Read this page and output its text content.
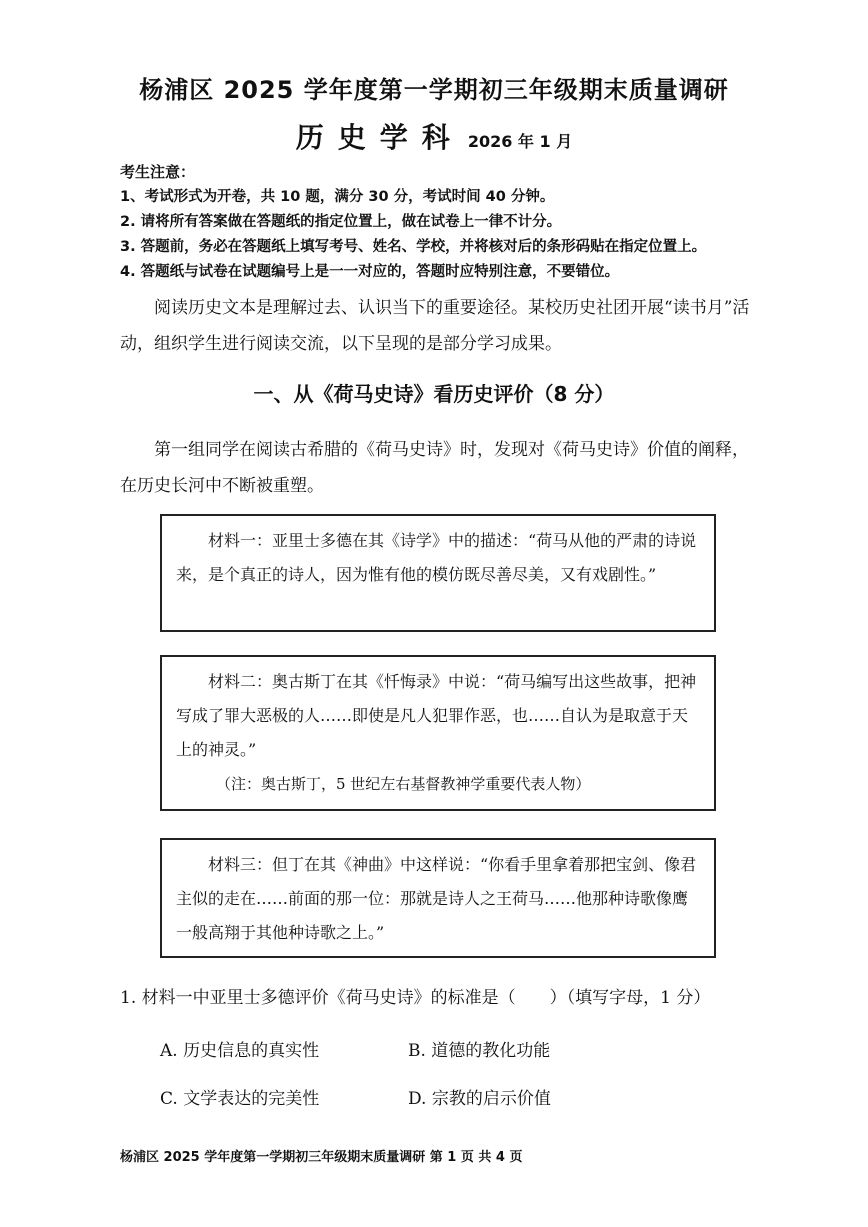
杨浦区 2025 学年度第一学期初三年级期末质量调研
历史学科 2026 年 1 月
考生注意：
1、考试形式为开卷，共 10 题，满分 30 分，考试时间 40 分钟。
2. 请将所有答案做在答题纸的指定位置上，做在试卷上一律不计分。
3. 答题前，务必在答题纸上填写考号、姓名、学校，并将核对后的条形码贴在指定位置上。
4. 答题纸与试卷在试题编号上是一一对应的，答题时应特别注意，不要错位。
阅读历史文本是理解过去、认识当下的重要途径。某校历史社团开展“读书月”活动，组织学生进行阅读交流，以下呈现的是部分学习成果。
一、从《荷马史诗》看历史评价（8 分）
第一组同学在阅读古希腊的《荷马史诗》时，发现对《荷马史诗》价值的阐释，在历史长河中不断被重塑。
材料一：亚里士多德在其《诗学》中的描述：“荷马从他的严肃的诗说来，是个真正的诗人，因为惟有他的模仿既尽善尽美，又有戏剧性。”
材料二：奥古斯丁在其《忏悔录》中说：“荷马编写出这些故事，把神写成了罪大恶极的人……即使是凡人犯罪作恶，也……自认为是取意于天上的神灵。”
（注：奥古斯丁，5 世纪左右基督教神学重要代表人物）
材料三：但丁在其《神曲》中这样说：“你看手里拿着那把宝剑、像君主似的走在……前面的那一位：那就是诗人之王荷马……他那种诗歌像鹰一般高翔于其他种诗歌之上。”
1. 材料一中亚里士多德评价《荷马史诗》的标准是（　　）（填写字母，1 分）
A. 历史信息的真实性	B. 道德的教化功能
C. 文学表达的完美性	D. 宗教的启示价值
杨浦区 2025 学年度第一学期初三年级期末质量调研 第 1 页 共 4 页
